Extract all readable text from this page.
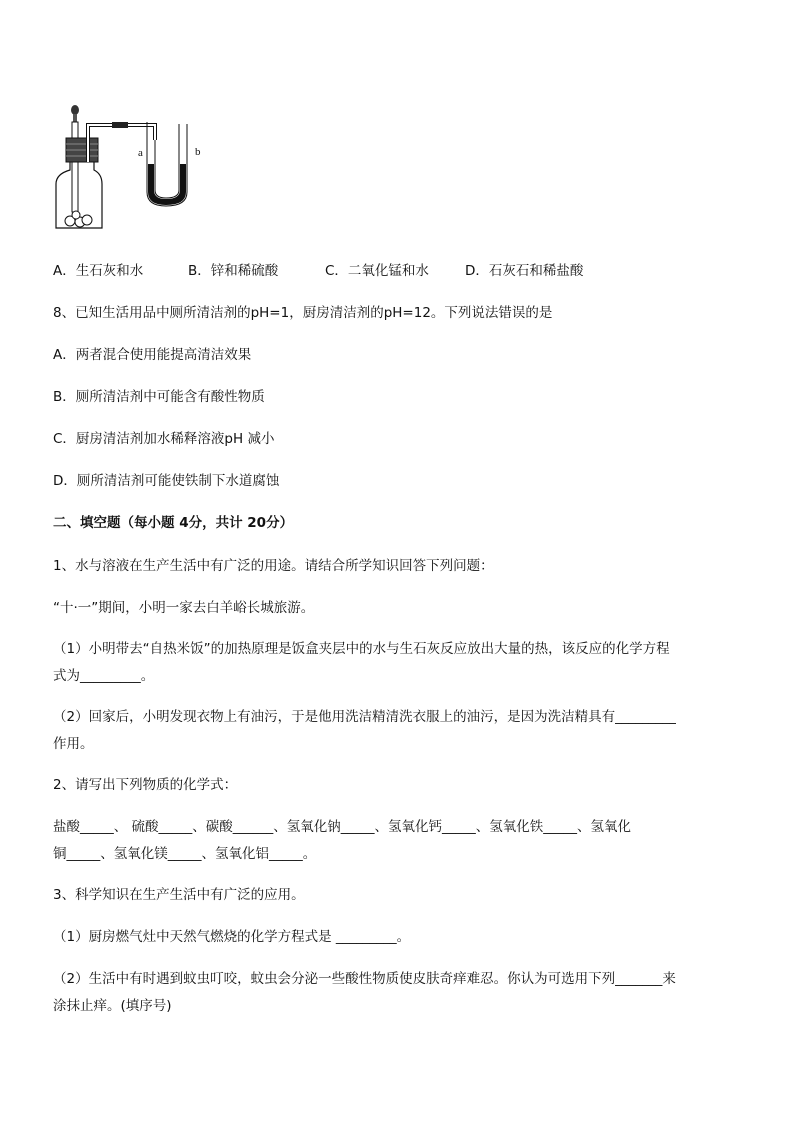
a	b
A．生石灰和水	B．锌和稀硫酸	C．二氧化锰和水	D．石灰石和稀盐酸
8、已知生活用品中厕所清洁剂的pH=1，厨房清洁剂的pH=12。下列说法错误的是
A．两者混合使用能提高清洁效果
B．厕所清洁剂中可能含有酸性物质
C．厨房清洁剂加水稀释溶液pH 减小
D．厕所清洁剂可能使铁制下水道腐蚀
二、填空题（每小题 4分，共计 20分）
1、水与溶液在生产生活中有广泛的用途。请结合所学知识回答下列问题：
“十·一”期间，小明一家去白羊峪长城旅游。
（1）小明带去“自热米饭”的加热原理是饭盒夹层中的水与生石灰反应放出大量的热，该反应的化学方程
式为_________。
（2）回家后，小明发现衣物上有油污，于是他用洗洁精清洗衣服上的油污，是因为洗洁精具有_________
作用。
2、请写出下列物质的化学式：
盐酸_____、 硫酸_____、碳酸______、氢氧化钠_____、氢氧化钙_____、氢氧化铁_____、氢氧化
铜_____、氢氧化镁_____、氢氧化铝_____。
3、科学知识在生产生活中有广泛的应用。
（1）厨房燃气灶中天然气燃烧的化学方程式是 _________。
（2）生活中有时遇到蚊虫叮咬，蚊虫会分泌一些酸性物质使皮肤奇痒难忍。你认为可选用下列_______来
涂抹止痒。(填序号)
